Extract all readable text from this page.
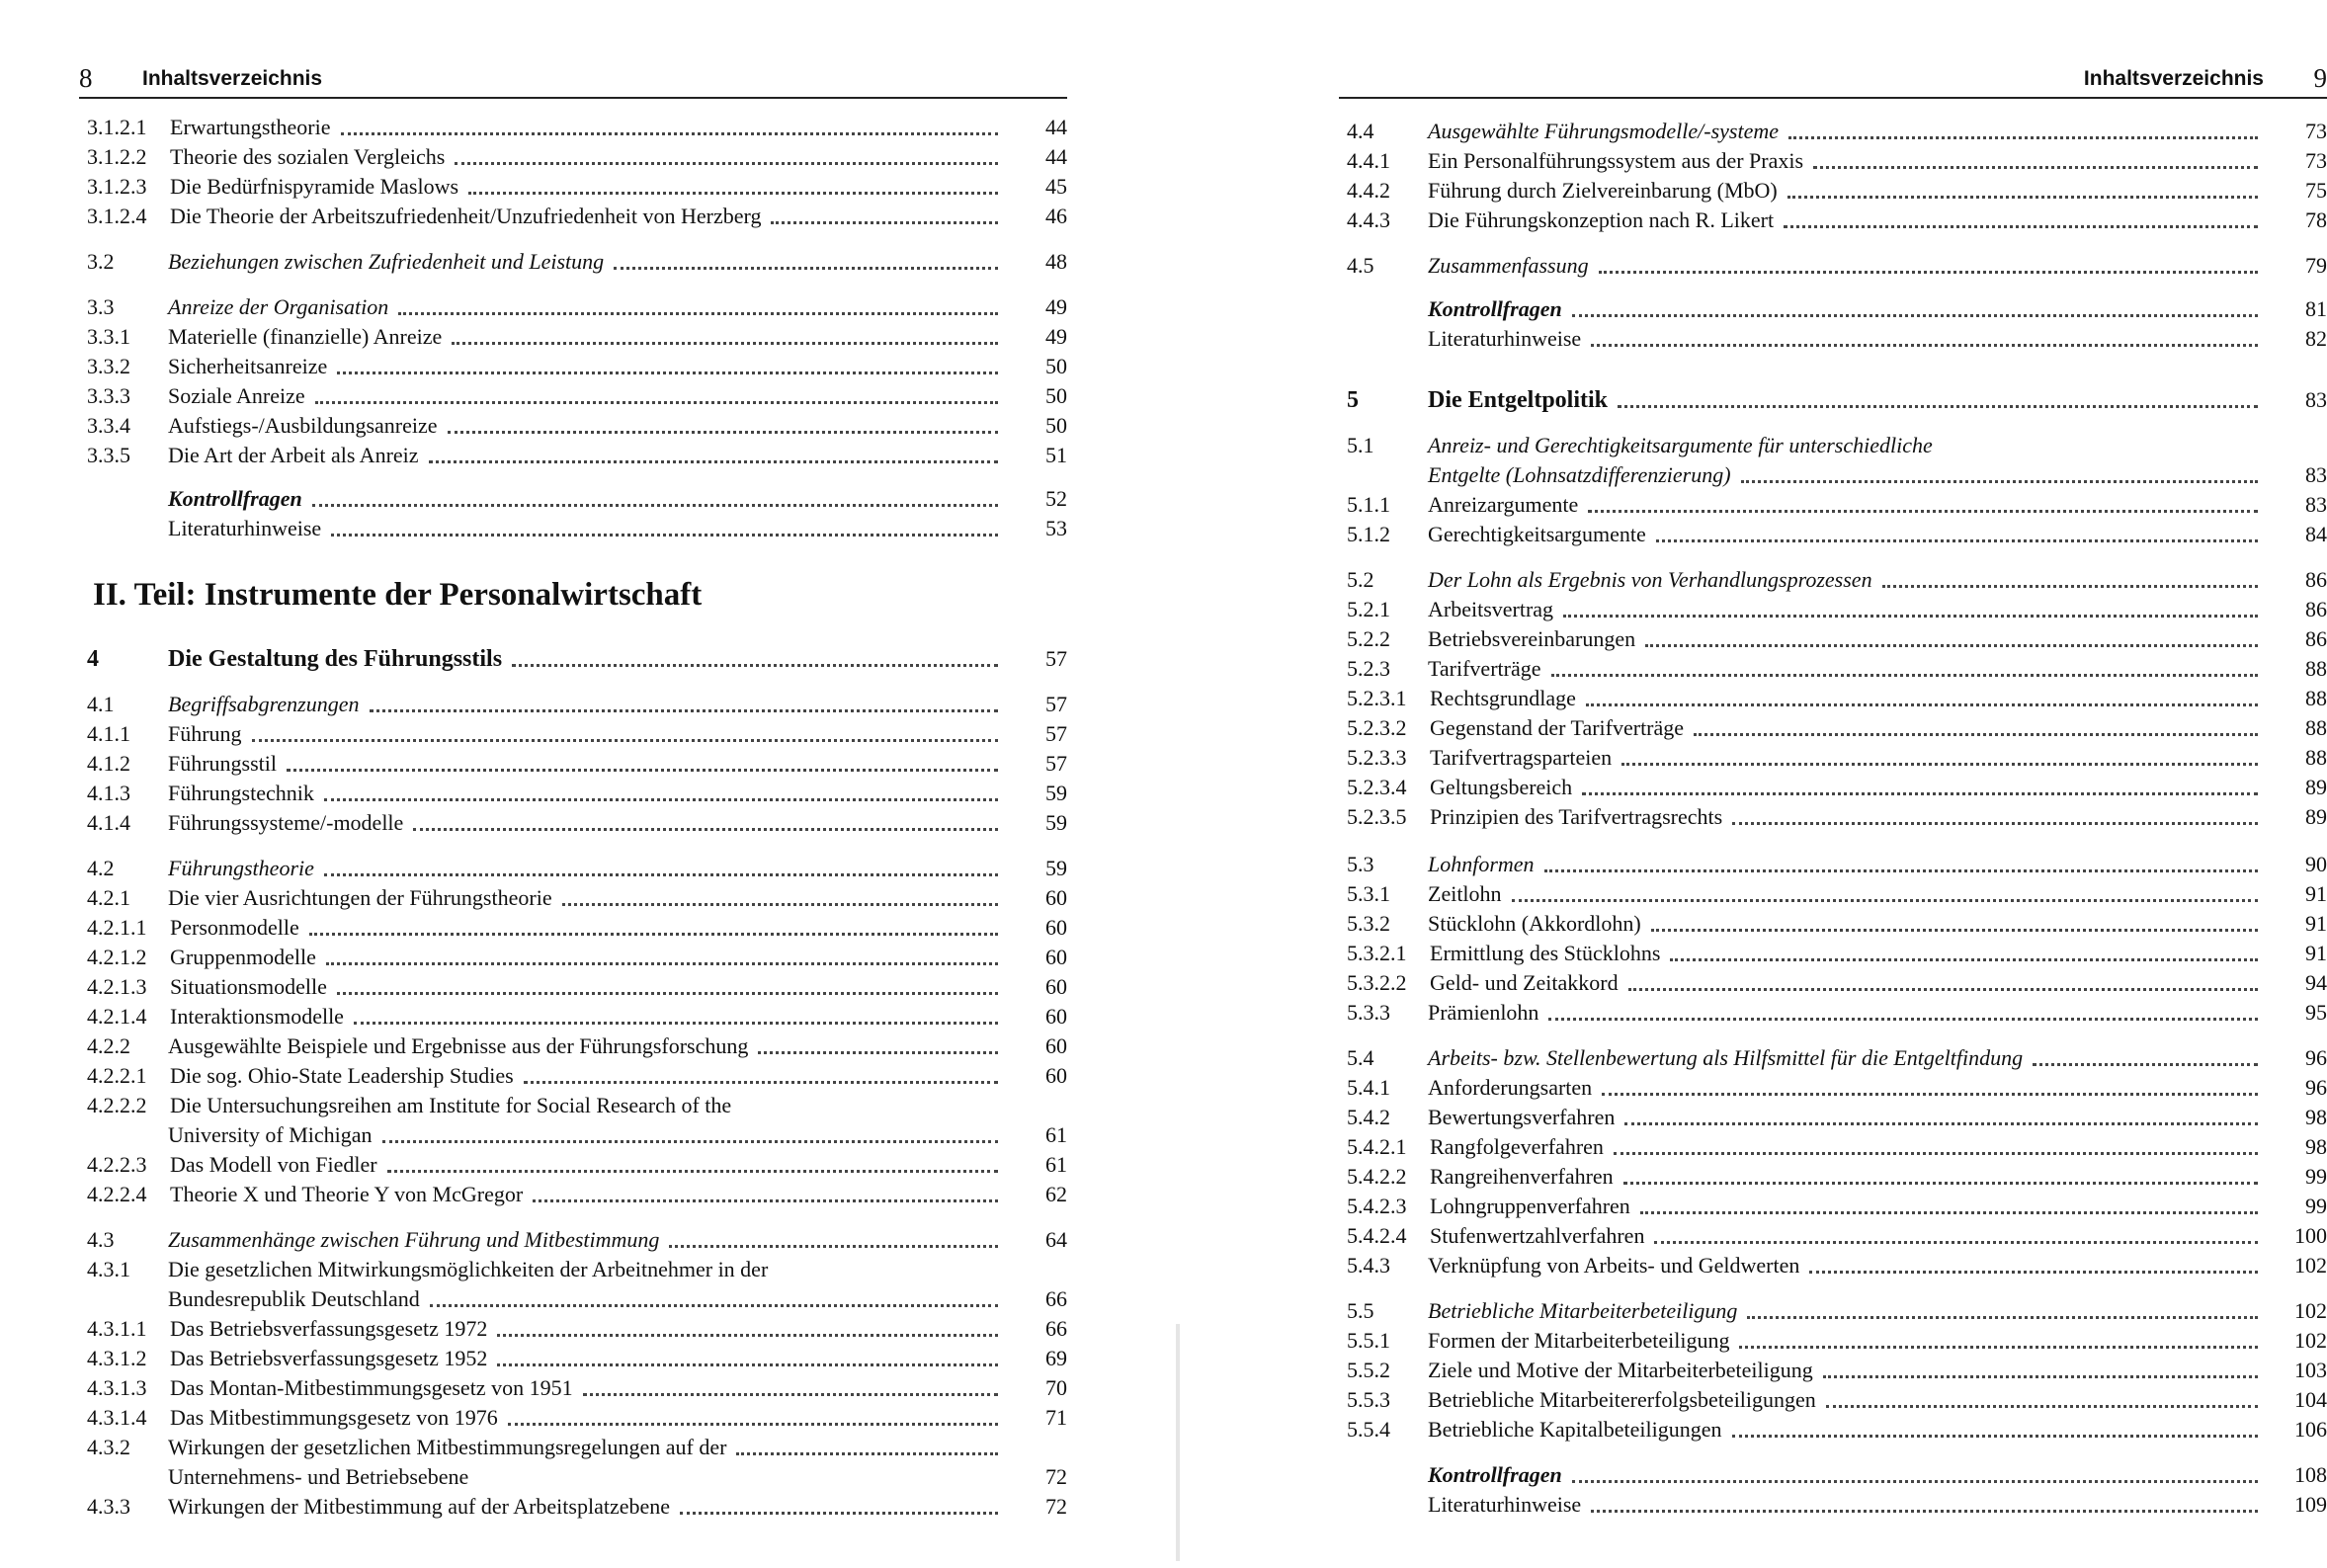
8 Inhaltsverzeichnis
II. Teil: Instrumente der Personalwirtschaft
3.1.2.1 Erwartungstheorie	44
3.1.2.2 Theorie des sozialen Vergleichs	44
3.1.2.3 Die Bedürfnispyramide Maslows	45
3.1.2.4 Die Theorie der Arbeitszufriedenheit/Unzufriedenheit von Herzberg	46
3.2 Beziehungen zwischen Zufriedenheit und Leistung	48
3.3 Anreize der Organisation	49
3.3.1 Materielle (finanzielle) Anreize	49
3.3.2 Sicherheitsanreize	50
3.3.3 Soziale Anreize	50
3.3.4 Aufstiegs-/Ausbildungsanreize	50
3.3.5 Die Art der Arbeit als Anreiz	51
Kontrollfragen	52
Literaturhinweise	53
4	Die Gestaltung des Führungsstils	57
4.1 Begriffsabgrenzungen	57
4.1.1 Führung	57
4.1.2 Führungsstil	57
4.1.3 Führungstechnik	59
4.1.4 Führungssysteme/-modelle	59
4.2 Führungstheorie	59
4.2.1 Die vier Ausrichtungen der Führungstheorie	60
4.2.1.1 Personmodelle	60
4.2.1.2 Gruppenmodelle	60
4.2.1.3 Situationsmodelle	60
4.2.1.4 Interaktionsmodelle	60
4.2.2 Ausgewählte Beispiele und Ergebnisse aus der Führungsforschung	60
4.2.2.1 Die sog. Ohio-State Leadership Studies	60
4.2.2.2 Die Untersuchungsreihen am Institute for Social Research of the
University of Michigan	61
4.2.2.3 Das Modell von Fiedler	61
4.2.2.4 Theorie X und Theorie Y von McGregor	62
4.3 Zusammenhänge zwischen Führung und Mitbestimmung	64
4.3.1 Die gesetzlichen Mitwirkungsmöglichkeiten der Arbeitnehmer in der
Bundesrepublik Deutschland	66
4.3.1.1 Das Betriebsverfassungsgesetz 1972	66
4.3.1.2 Das Betriebsverfassungsgesetz 1952	69
4.3.1.3 Das Montan-Mitbestimmungsgesetz von 1951	70
4.3.1.4 Das Mitbestimmungsgesetz von 1976	71
4.3.2 Wirkungen der gesetzlichen Mitbestimmungsregelungen auf der
Unternehmens- und Betriebsebene	72
4.3.3 Wirkungen der Mitbestimmung auf der Arbeitsplatzebene	72
9
Inhaltsverzeichnis
4.4 Ausgewählte Führungsmodelle/-systeme	73
4.4.1 Ein Personalführungssystem aus der Praxis	73
4.4.2 Führung durch Zielvereinbarung (MbO)	75
4.4.3 Die Führungskonzeption nach R. Likert	78
4.5 Zusammenfassung	79
Kontrollfragen	81
Literaturhinweise	82
5	Die Entgeltpolitik	83
5.1 Anreiz- und Gerechtigkeitsargumente für unterschiedliche
Entgelte (Lohnsatzdifferenzierung)	83
5.1.1 Anreizargumente	83
5.1.2 Gerechtigkeitsargumente	84
5.2 Der Lohn als Ergebnis von Verhandlungsprozessen	86
5.2.1 Arbeitsvertrag	86
5.2.2 Betriebsvereinbarungen	86
5.2.3 Tarifverträge	88
5.2.3.1 Rechtsgrundlage	88
5.2.3.2 Gegenstand der Tarifverträge	88
5.2.3.3 Tarifvertragsparteien	88
5.2.3.4 Geltungsbereich	89
5.2.3.5 Prinzipien des Tarifvertragsrechts	89
5.3 Lohnformen	90
5.3.1 Zeitlohn	91
5.3.2 Stücklohn (Akkordlohn)	91
5.3.2.1 Ermittlung des Stücklohns	91
5.3.2.2 Geld- und Zeitakkord	94
5.3.3 Prämienlohn	95
5.4 Arbeits- bzw. Stellenbewertung als Hilfsmittel für die Entgeltfindung	96
5.4.1 Anforderungsarten	96
5.4.2 Bewertungsverfahren	98
5.4.2.1 Rangfolgeverfahren	98
5.4.2.2 Rangreihenverfahren	99
5.4.2.3 Lohngruppenverfahren	99
5.4.2.4 Stufenwertzahlverfahren	100
5.4.3 Verknüpfung von Arbeits- und Geldwerten	102
5.5 Betriebliche Mitarbeiterbeteiligung	102
5.5.1 Formen der Mitarbeiterbeteiligung	102
5.5.2 Ziele und Motive der Mitarbeiterbeteiligung	103
5.5.3 Betriebliche Mitarbeitererfolgsbeteiligungen	104
5.5.4 Betriebliche Kapitalbeteiligungen	106
Kontrollfragen	108
Literaturhinweise	109
